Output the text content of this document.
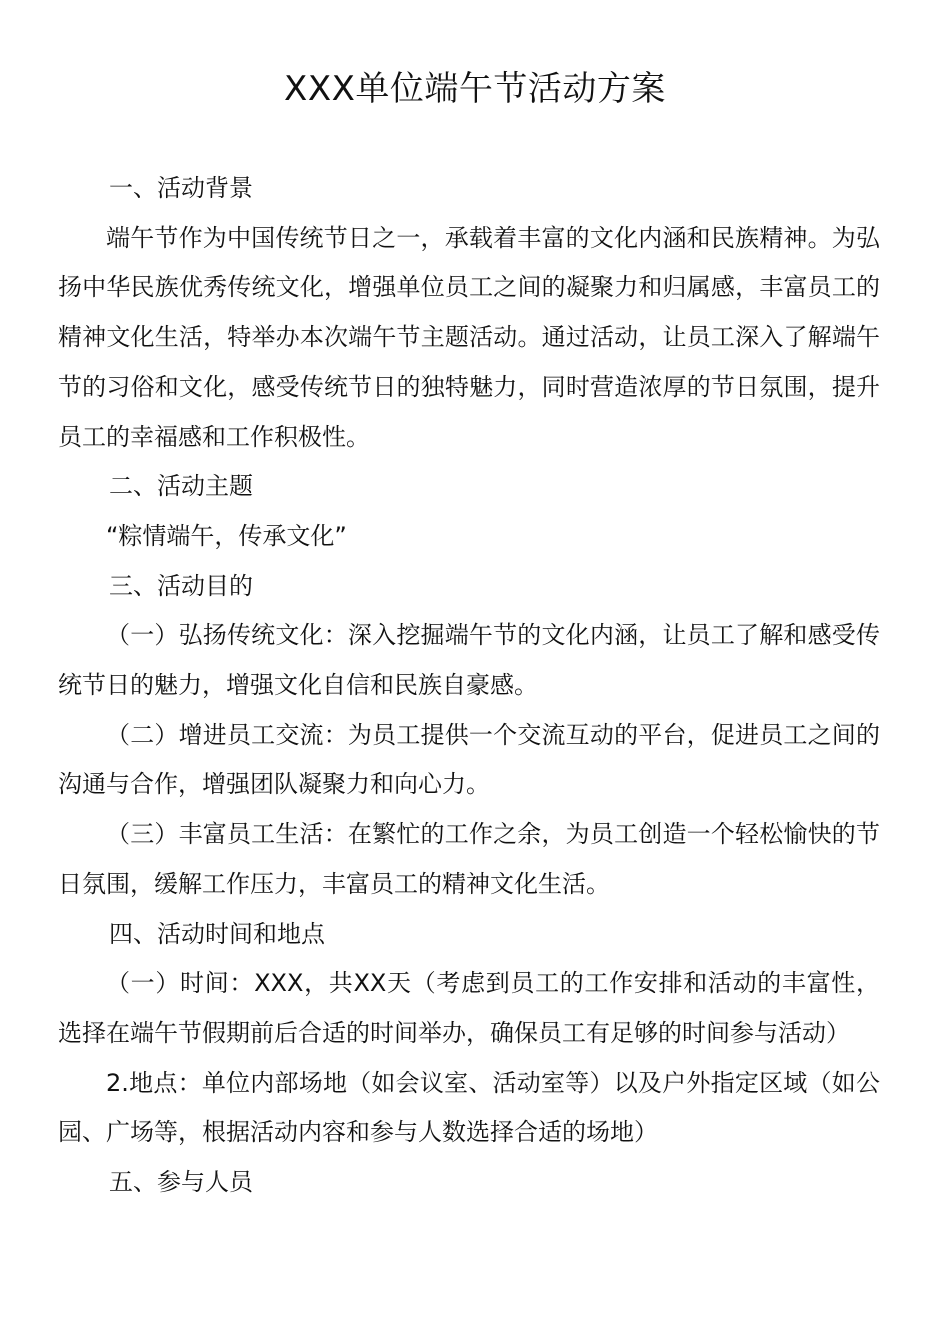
XXX单位端午节活动方案

一、活动背景

端午节作为中国传统节日之一，承载着丰富的文化内涵和民族精神。为弘扬中华民族优秀传统文化，增强单位员工之间的凝聚力和归属感，丰富员工的精神文化生活，特举办本次端午节主题活动。通过活动，让员工深入了解端午节的习俗和文化，感受传统节日的独特魅力，同时营造浓厚的节日氛围，提升员工的幸福感和工作积极性。

二、活动主题

“粽情端午，传承文化”

三、活动目的

（一）弘扬传统文化：深入挖掘端午节的文化内涵，让员工了解和感受传统节日的魅力，增强文化自信和民族自豪感。

（二）增进员工交流：为员工提供一个交流互动的平台，促进员工之间的沟通与合作，增强团队凝聚力和向心力。

（三）丰富员工生活：在繁忙的工作之余，为员工创造一个轻松愉快的节日氛围，缓解工作压力，丰富员工的精神文化生活。

四、活动时间和地点

（一）时间：XXX，共XX天（考虑到员工的工作安排和活动的丰富性，选择在端午节假期前后合适的时间举办，确保员工有足够的时间参与活动）

2.地点：单位内部场地（如会议室、活动室等）以及户外指定区域（如公园、广场等，根据活动内容和参与人数选择合适的场地）

五、参与人员
